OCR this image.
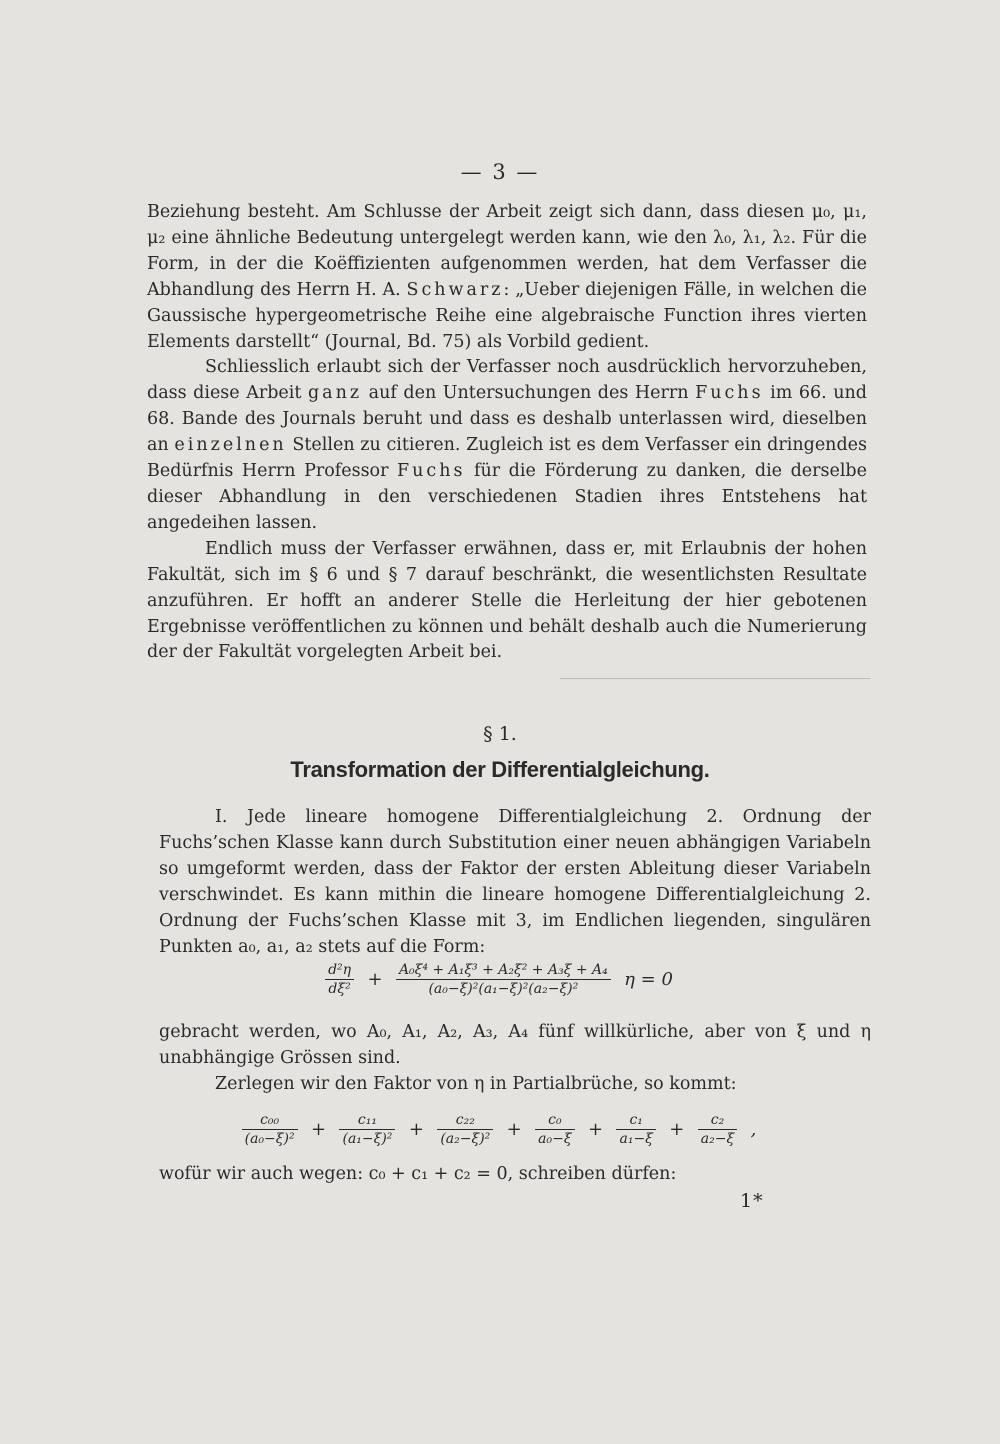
— 3 —

Beziehung besteht. Am Schlusse der Arbeit zeigt sich dann, dass diesen μ₀, μ₁, μ₂ eine ähnliche Bedeutung untergelegt werden kann, wie den λ₀, λ₁, λ₂. Für die Form, in der die Koëffizienten aufgenommen werden, hat dem Verfasser die Abhandlung des Herrn H. A. Schwarz: „Ueber diejenigen Fälle, in welchen die Gaussische hypergeometrische Reihe eine algebraische Function ihres vierten Elements darstellt“ (Journal, Bd. 75) als Vorbild gedient.

Schliesslich erlaubt sich der Verfasser noch ausdrücklich hervorzuheben, dass diese Arbeit ganz auf den Untersuchungen des Herrn Fuchs im 66. und 68. Bande des Journals beruht und dass es deshalb unterlassen wird, dieselben an einzelnen Stellen zu citieren. Zugleich ist es dem Verfasser ein dringendes Bedürfnis Herrn Professor Fuchs für die Förderung zu danken, die derselbe dieser Abhandlung in den verschiedenen Stadien ihres Entstehens hat angedeihen lassen.

Endlich muss der Verfasser erwähnen, dass er, mit Erlaubnis der hohen Fakultät, sich im § 6 und § 7 darauf beschränkt, die wesentlichsten Resultate anzuführen. Er hofft an anderer Stelle die Herleitung der hier gebotenen Ergebnisse veröffentlichen zu können und behält deshalb auch die Numerierung der der Fakultät vorgelegten Arbeit bei.

§ 1.
Transformation der Differentialgleichung.

I. Jede lineare homogene Differentialgleichung 2. Ordnung der Fuchs’schen Klasse kann durch Substitution einer neuen abhängigen Variabeln so umgeformt werden, dass der Faktor der ersten Ableitung dieser Variabeln verschwindet. Es kann mithin die lineare homogene Differentialgleichung 2. Ordnung der Fuchs’schen Klasse mit 3, im Endlichen liegenden, singulären Punkten a₀, a₁, a₂ stets auf die Form:

$\frac{\text{d²η}}{\text{dξ²}} + \frac{\text{A₀ξ⁴ + A₁ξ³ + A₂ξ² + A₃ξ + A₄}}{\text{(a₀−ξ)²(a₁−ξ)²(a₂−ξ)²}}$ η = 0

gebracht werden, wo A₀, A₁, A₂, A₃, A₄ fünf willkürliche, aber von ξ und η unabhängige Grössen sind.

Zerlegen wir den Faktor von η in Partialbrüche, so kommt:

$\frac{\text{c₀₀}}{\text{(a₀−ξ)²}} + \frac{\text{c₁₁}}{\text{(a₁−ξ)²}} + \frac{\text{c₂₂}}{\text{(a₂−ξ)²}} + \frac{\text{c₀}}{\text{a₀−ξ}} + \frac{\text{c₁}}{\text{a₁−ξ}} + \frac{\text{c₂}}{\text{a₂−ξ}}$ ,

wofür wir auch wegen: c₀ + c₁ + c₂ = 0, schreiben dürfen:

1*
